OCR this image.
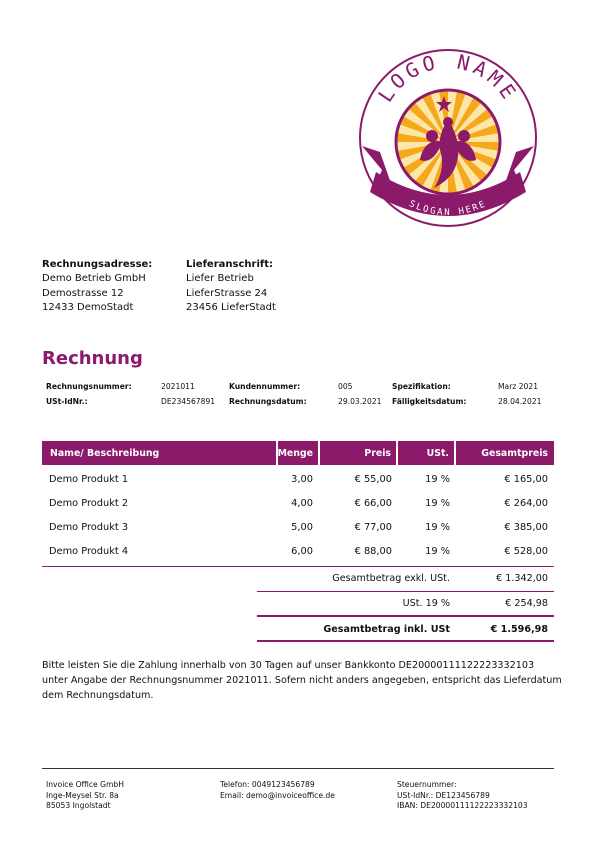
LOGO NAME
SLOGAN HERE
Rechnungsadresse:
Demo Betrieb GmbH
Demostrasse 12
12433 DemoStadt
Lieferanschrift:
Liefer Betrieb
LieferStrasse 24
23456 LieferStadt
Rechnung
Rechnungsnummer:	2021011
USt-IdNr.:	DE234567891
Kundennummer:	005
Rechnungsdatum:	29.03.2021
Spezifikation:	Marz 2021
Fälligkeitsdatum:	28.04.2021
Name/ Beschreibung	Menge	Preis	USt.	Gesamtpreis
Demo Produkt 1	3,00	€ 55,00	19 %	€ 165,00
Demo Produkt 2	4,00	€ 66,00	19 %	€ 264,00
Demo Produkt 3	5,00	€ 77,00	19 %	€ 385,00
Demo Produkt 4	6,00	€ 88,00	19 %	€ 528,00
Gesamtbetrag exkl. USt.	€ 1.342,00
USt. 19 %	€ 254,98
Gesamtbetrag inkl. USt	€ 1.596,98
Bitte leisten Sie die Zahlung innerhalb von 30 Tagen auf unser Bankkonto DE20000111122223332103 unter Angabe der Rechnungsnummer 2021011. Sofern nicht anders angegeben, entspricht das Lieferdatum dem Rechnungsdatum.
Invoice Office GmbH
Inge-Meysel Str. 8a
85053 Ingolstadt
Telefon: 0049123456789
Email: demo@invoiceoffice.de
Steuernummer:
USt-IdNr.: DE123456789
IBAN: DE20000111122223332103
